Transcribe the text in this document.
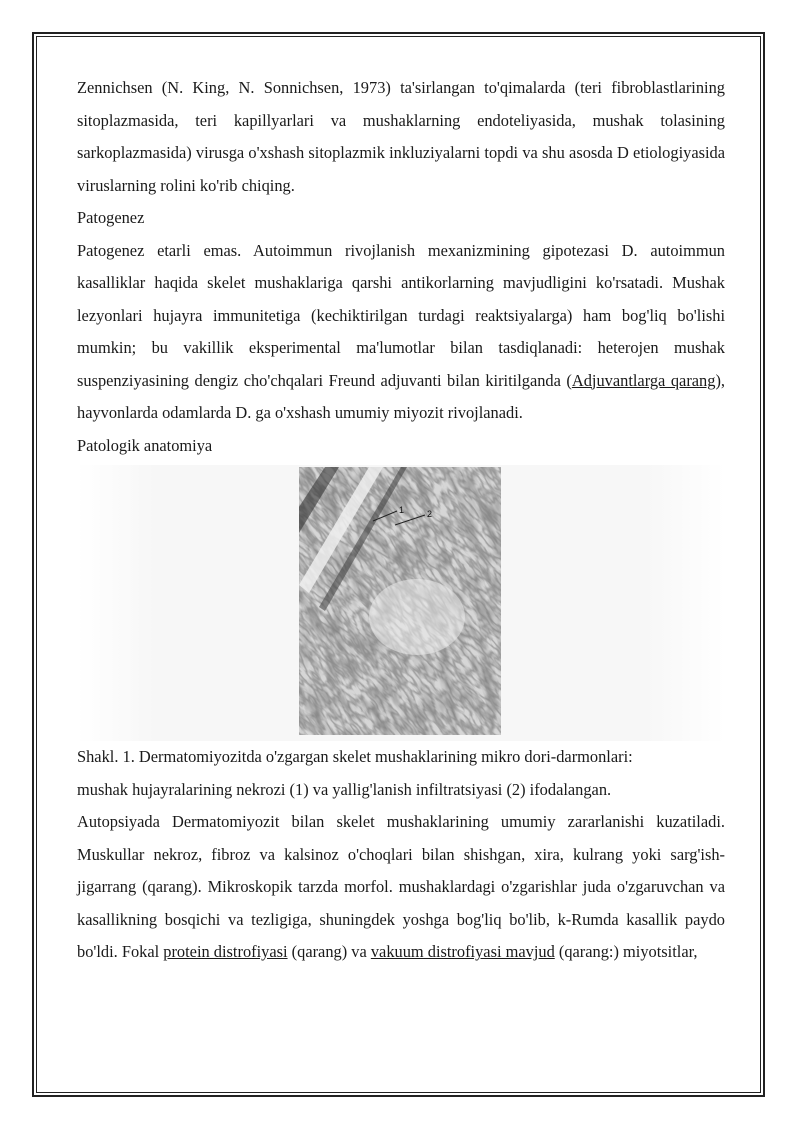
Zennichsen (N. King, N. Sonnichsen, 1973) ta'sirlangan to'qimalarda (teri fibroblastlarining sitoplazmasida, teri kapillyarlari va mushaklarning endoteliyasida, mushak tolasining sarkoplazmasida) virusga o'xshash sitoplazmik inkluziyalarni topdi va shu asosda D etiologiyasida viruslarning rolini ko'rib chiqing.

Patogenez

Patogenez etarli emas. Autoimmun rivojlanish mexanizmining gipotezasi D. autoimmun kasalliklar haqida skelet mushaklariga qarshi antikorlarning mavjudligini ko'rsatadi. Mushak lezyonlari hujayra immunitetiga (kechiktirilgan turdagi reaktsiyalarga) ham bog'liq bo'lishi mumkin; bu vakillik eksperimental ma'lumotlar bilan tasdiqlanadi: heterojen mushak suspenziyasining dengiz cho'chqalari Freund adjuvanti bilan kiritilganda (Adjuvantlarga qarang), hayvonlarda odamlarda D. ga o'xshash umumiy miyozit rivojlanadi.

Patologik anatomiya

1	2

Shakl. 1. Dermatomiyozitda o'zgargan skelet mushaklarining mikro dori-darmonlari:

mushak hujayralarining nekrozi (1) va yallig'lanish infiltratsiyasi (2) ifodalangan.

Autopsiyada Dermatomiyozit bilan skelet mushaklarining umumiy zararlanishi kuzatiladi. Muskullar nekroz, fibroz va kalsinoz o'choqlari bilan shishgan, xira, kulrang yoki sarg'ish-jigarrang (qarang). Mikroskopik tarzda morfol. mushaklardagi o'zgarishlar juda o'zgaruvchan va kasallikning bosqichi va tezligiga, shuningdek yoshga bog'liq bo'lib, k-Rumda kasallik paydo bo'ldi. Fokal protein distrofiyasi (qarang) va vakuum distrofiyasi mavjud (qarang:) miyotsitlar,
